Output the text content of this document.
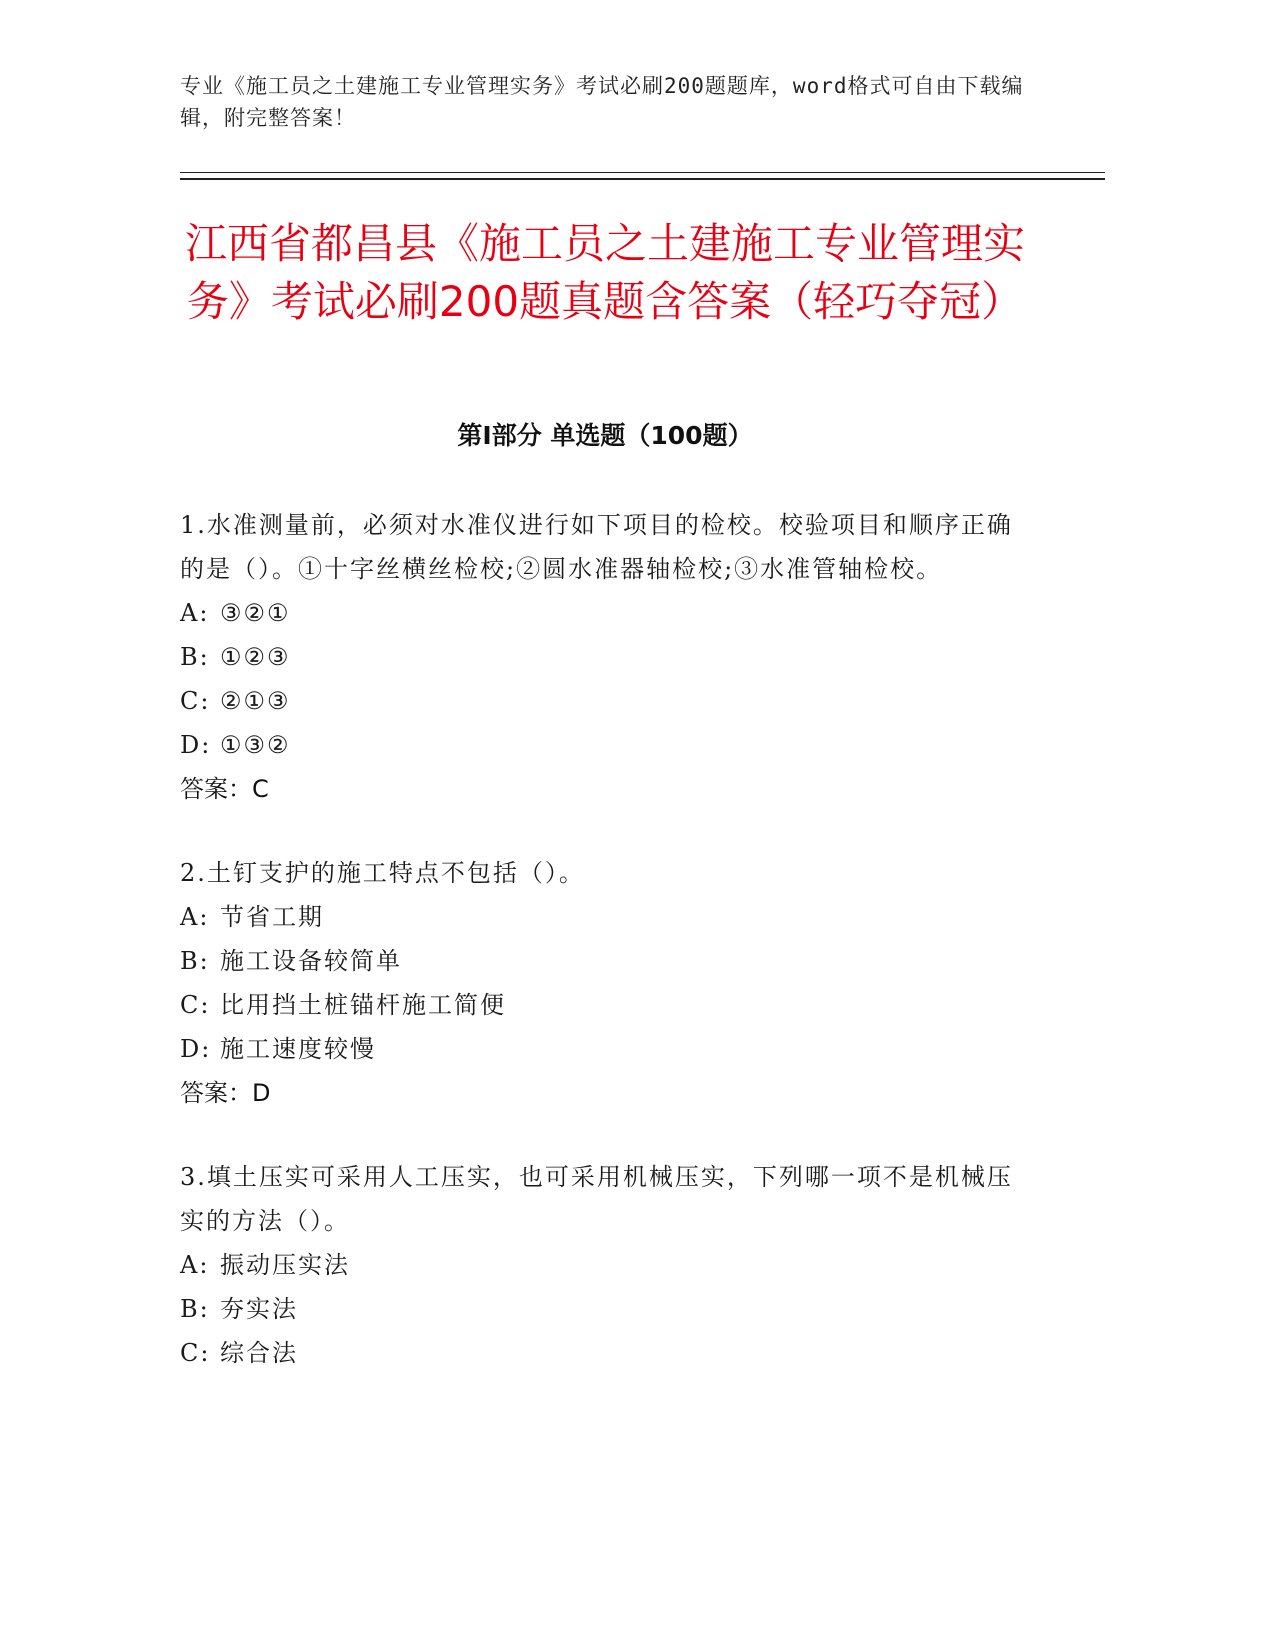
专业《施工员之土建施工专业管理实务》考试必刷200题题库，word格式可自由下载编辑，附完整答案！
江西省都昌县《施工员之土建施工专业管理实务》考试必刷200题真题含答案（轻巧夺冠）
第Ⅰ部分 单选题（100题）

1.水准测量前，必须对水准仪进行如下项目的检校。校验项目和顺序正确的是（）。①十字丝横丝检校;②圆水准器轴检校;③水准管轴检校。

A: ③②①
B: ①②③
C: ②①③
D: ①③②
答案：C

2.土钉支护的施工特点不包括（）。

A: 节省工期
B: 施工设备较简单
C: 比用挡土桩锚杆施工简便
D: 施工速度较慢
答案：D

3.填土压实可采用人工压实，也可采用机械压实，下列哪一项不是机械压实的方法（）。

A: 振动压实法
B: 夯实法
C: 综合法
